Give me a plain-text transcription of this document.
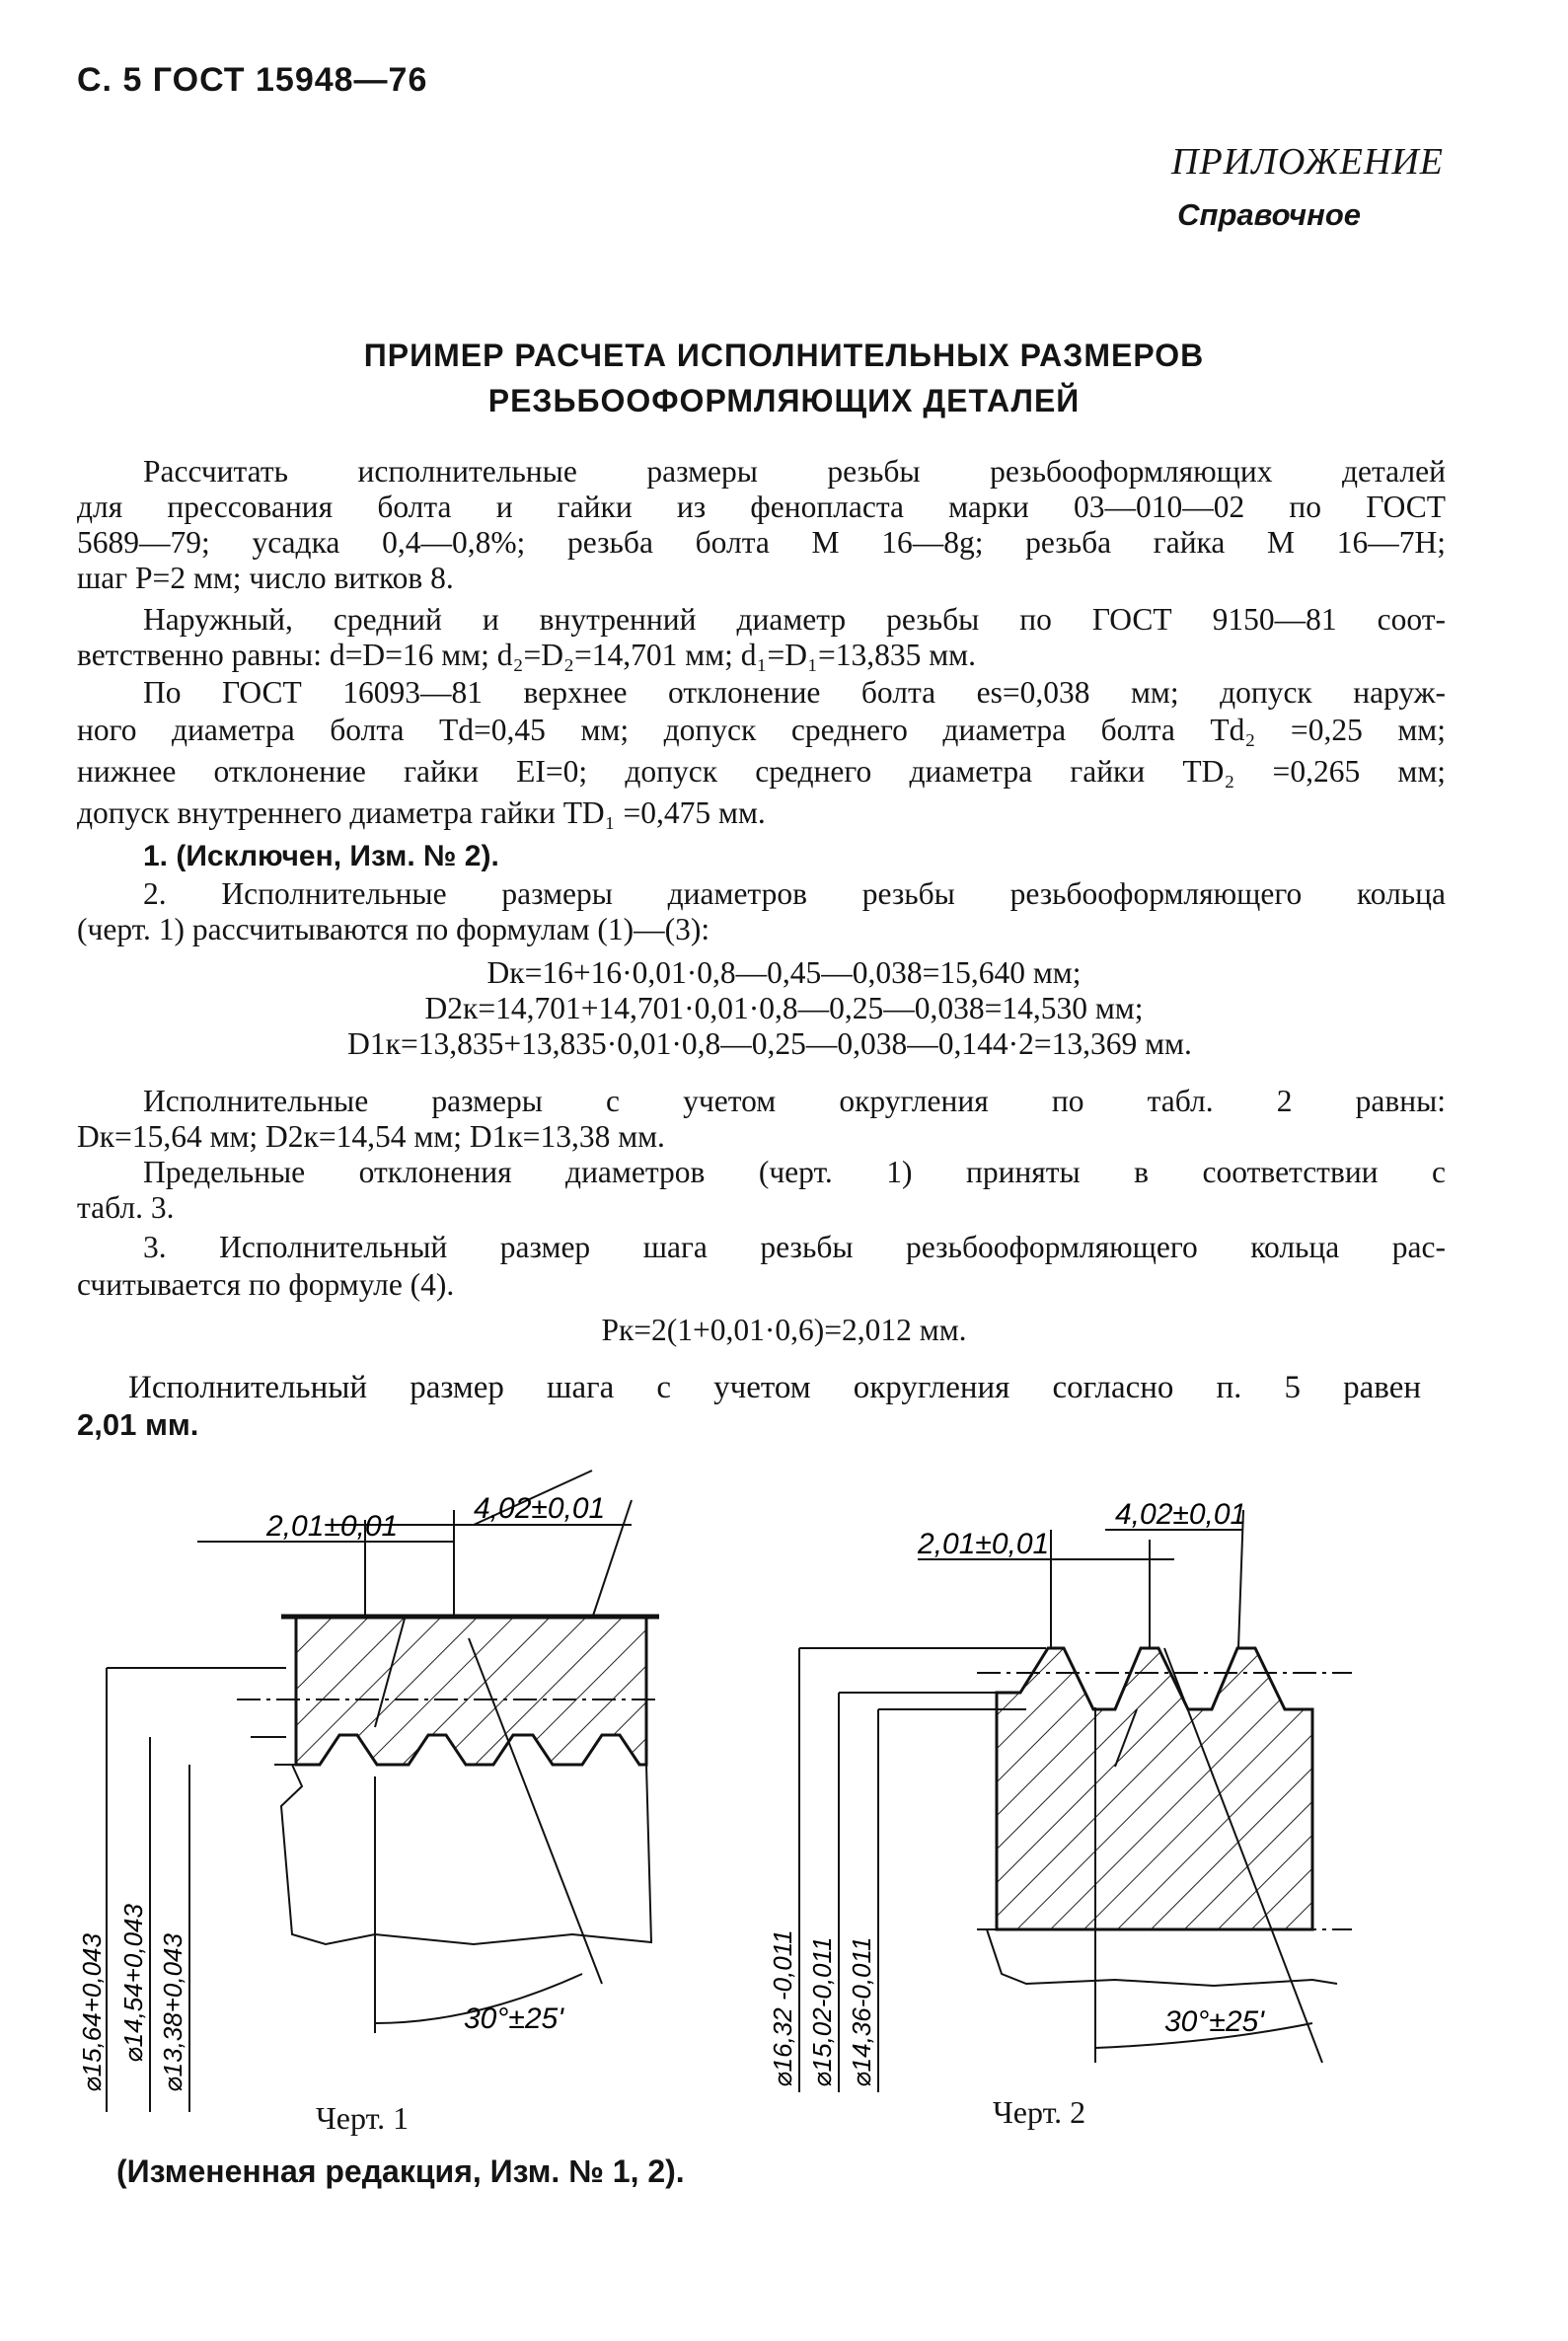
С. 5 ГОСТ 15948—76
ПРИЛОЖЕНИЕ
Справочное
ПРИМЕР РАСЧЕТА ИСПОЛНИТЕЛЬНЫХ РАЗМЕРОВ
РЕЗЬБООФОРМЛЯЮЩИХ ДЕТАЛЕЙ
Рассчитать исполнительные размеры резьбы резьбооформляющих деталей
для прессования болта и гайки из фенопласта марки 03—010—02 по ГОСТ
5689—79; усадка 0,4—0,8%; резьба болта М 16—8g; резьба гайка М 16—7H;
шаг P=2 мм; число витков 8.
Наружный, средний и внутренний диаметр резьбы по ГОСТ 9150—81 соот-
ветственно равны: d=D=16 мм; d₂=D₂=14,701 мм; d₁=D₁=13,835 мм.
По ГОСТ 16093—81 верхнее отклонение болта es=0,038 мм; допуск наруж-
ного диаметра болта Td=0,45 мм; допуск среднего диаметра болта Td₂ =0,25 мм;
нижнее отклонение гайки EI=0; допуск среднего диаметра гайки TD₂ =0,265 мм;
допуск внутреннего диаметра гайки TD₁ =0,475 мм.
1. (Исключен, Изм. № 2).
2. Исполнительные размеры диаметров резьбы резьбооформляющего кольца
(черт. 1) рассчитываются по формулам (1)—(3):
Dк=16+16·0,01·0,8—0,45—0,038=15,640 мм;
D2к=14,701+14,701·0,01·0,8—0,25—0,038=14,530 мм;
D1к=13,835+13,835·0,01·0,8—0,25—0,038—0,144·2=13,369 мм.
Исполнительные размеры с учетом округления по табл. 2 равны:
Dк=15,64 мм; D2к=14,54 мм; D1к=13,38 мм.
Предельные отклонения диаметров (черт. 1) приняты в соответствии с
табл. 3.
3. Исполнительный размер шага резьбы резьбооформляющего кольца рас-
считывается по формуле (4).
Pк=2(1+0,01·0,6)=2,012 мм.
Исполнительный размер шага с учетом округления согласно п. 5 равен
2,01 мм.
4,02±0,01
2,01±0,01
30°±25'
⌀15,64+0,043 ⌀14,54+0,043 ⌀13,38+0,043
4,02±0,01
2,01±0,01
30°±25'
⌀16,32 -0,011 ⌀15,02-0,011 ⌀14,36-0,011
Черт. 1	Черт. 2
(Измененная редакция, Изм. № 1, 2).
